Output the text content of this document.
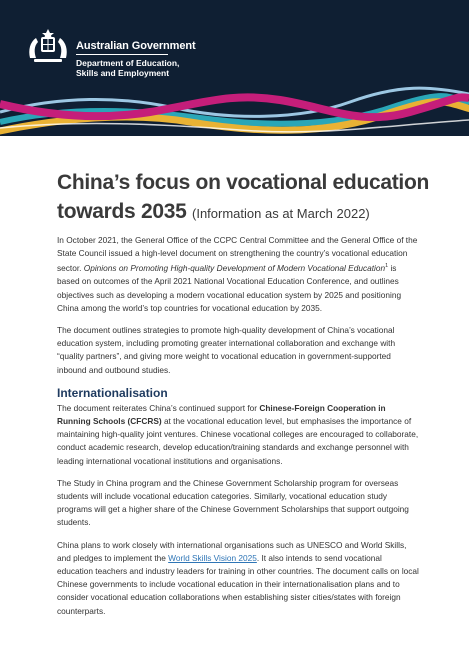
Australian Government
Department of Education,
Skills and Employment
China’s focus on vocational education towards 2035 (Information as at March 2022)

In October 2021, the General Office of the CCPC Central Committee and the General Office of the State Council issued a high-level document on strengthening the country’s vocational education sector. Opinions on Promoting High-quality Development of Modern Vocational Education$^1$ is based on outcomes of the April 2021 National Vocational Education Conference, and outlines objectives such as developing a modern vocational education system by 2025 and positioning China among the world’s top countries for vocational education by 2035.

The document outlines strategies to promote high-quality development of China’s vocational education system, including promoting greater international collaboration and exchange with “quality partners”, and giving more weight to vocational education in government-supported inbound and outbound studies.

Internationalisation

The document reiterates China’s continued support for Chinese-Foreign Cooperation in Running Schools (CFCRS) at the vocational education level, but emphasises the importance of maintaining high-quality joint ventures. Chinese vocational colleges are encouraged to collaborate, conduct academic research, develop education/training standards and exchange personnel with leading international vocational institutions and organisations.

The Study in China program and the Chinese Government Scholarship program for overseas students will include vocational education categories. Similarly, vocational education study programs will get a higher share of the Chinese Government Scholarships that support outgoing students.

China plans to work closely with international organisations such as UNESCO and World Skills, and pledges to implement the World Skills Vision 2025. It also intends to send vocational education teachers and industry leaders for training in other countries. The document calls on local Chinese governments to include vocational education in their internationalisation plans and to consider vocational education collaborations when establishing sister cities/states with foreign counterparts.
